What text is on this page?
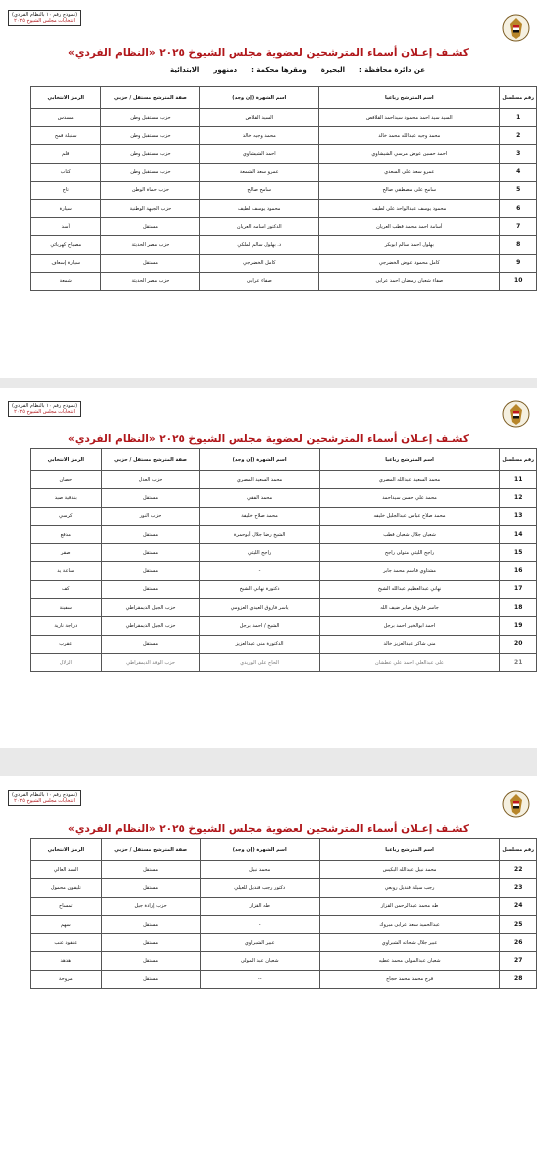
(نموذج رقم ١٠ بالنظام الفردي)
انتخابات مجلس الشيوخ ٢٠٢٥
كشـف إعـلان أسماء المترشحين لعضوية مجلس الشيوخ ٢٠٢٥ «النظام الفردي»
عن دائرة محافظة :البحيرةومقرها محكمة :دمنهورالابتدائية
رقم مسلسل	اسم المترشح رباعيا	اسم الشهرة (إن وجد)	صفة المترشح مستقل / حزبي	الرمز الانتخابي
1	السيد سيد احمد محمود سيداحمد القلاقص	السيد القلاص	حزب مستقبل وطن	مسدس
2	محمد وجيه عبدالله محمد خالد	محمد وجيه خالد	حزب مستقبل وطن	سنبلة قمح
3	احمد حسين عوض مرسي الشيشاوي	احمد الشيشاوي	حزب مستقبل وطن	قلم
4	عمرو سعد على السعدي	عمرو سعد الشمعة	حزب مستقبل وطن	كتاب
5	سامح على مصطفي صالح	سامح صالح	حزب حماة الوطن	تاج
6	محمود يوسف عبدالواحد على لطيف	محمود يوسف لطيف	حزب الجبهة الوطنية	سيارة
7	أسامة احمد محمد قطب العريان	الدكتور اسامه العريان	مستقل	أسد
8	بهلول احمد سالم ابوبكر	د. بهلول سالم لملكي	حزب مصر الحديثة	مصباح كهربائي
9	كامل محمود عوض الخضرجي	كامل الخضرجي	مستقل	سيارة إسعاف
10	صفاء شعبان رمضان احمد عرابى	صفاء عرابى	حزب مصر الحديثة	شمعة
(نموذج رقم ١٠ بالنظام الفردي)
انتخابات مجلس الشيوخ ٢٠٢٥
كشـف إعـلان أسماء المترشحين لعضوية مجلس الشيوخ ٢٠٢٥ «النظام الفردي»
رقم مسلسل	اسم المترشح رباعيا	اسم الشهرة (إن وجد)	صفة المترشح مستقل / حزبي	الرمز الانتخابي
11	محمد السعيد عبدالله المصري	محمد السعيد المصري	حزب العدل	حصان
12	محمد علي حسن سيداحمد	محمد الفقي	مستقل	بندقية صيد
13	محمد صلاح عباس عبدالجليل خليفه	محمد صلاح خليفة	حزب النور	كرسي
14	شعبان جلال شعبان قطب	الشيخ رضا جلال أبوحمرة	مستقل	مدفع
15	راجح الليثي متولى راجح	راجح الليثي	مستقل	صقر
16	مشتاوي قاسم محمد جابر	-	مستقل	ساعة يد
17	نهاني عبدالعظيم عبدالله الشيخ	دكتورة نهاني الشيخ	مستقل	كف
18	جاسر فاروق صابر ضيف الله	ياسر فاروق العيدي العزومي	حزب الجيل الديمقراطي	سفينة
19	احمد ابوالخير احمد برجل	الشيخ / احمد برجل	حزب الجيل الديمقراطي	دراجة نارية
20	منى شاكر عبدالعزيز خالد	الدكتورة منى عبدالعزيز	مستقل	عقرب
21	على عبدالعلي احمد علي عطشان	الحاج على الوريدي	حزب الوفد الديمقراطي	الزلال
(نموذج رقم ١٠ بالنظام الفردي)
انتخابات مجلس الشيوخ ٢٠٢٥
كشـف إعـلان أسماء المترشحين لعضوية مجلس الشيوخ ٢٠٢٥ «النظام الفردي»
رقم مسلسل	اسم المترشح رباعيا	اسم الشهرة (إن وجد)	صفة المترشح مستقل / حزبي	الرمز الانتخابي
22	محمد نبيل عبدالله البكيس	محمد نبيل	مستقل	السد العالي
23	رجب سيلة قنديل روبعي	دكتور رجب قنديل للعيلي	مستقل	تليفون محمول
24	طه محمد عبدالرحمن القزاز	طه القزاز	حزب إرادة جيل	تمساح
25	عبدالحميد سعد عرابى مبروك	-	مستقل	سهم
26	عبير جلال شحاته الشبراوي	عبير الشبراوي	مستقل	عنقود عنب
27	شعبان عبدالمولى محمد عطيه	شعبان عبد المولى	مستقل	هدهد
28	فرج محمد محمد حجاج	--	مستقل	مروحة
